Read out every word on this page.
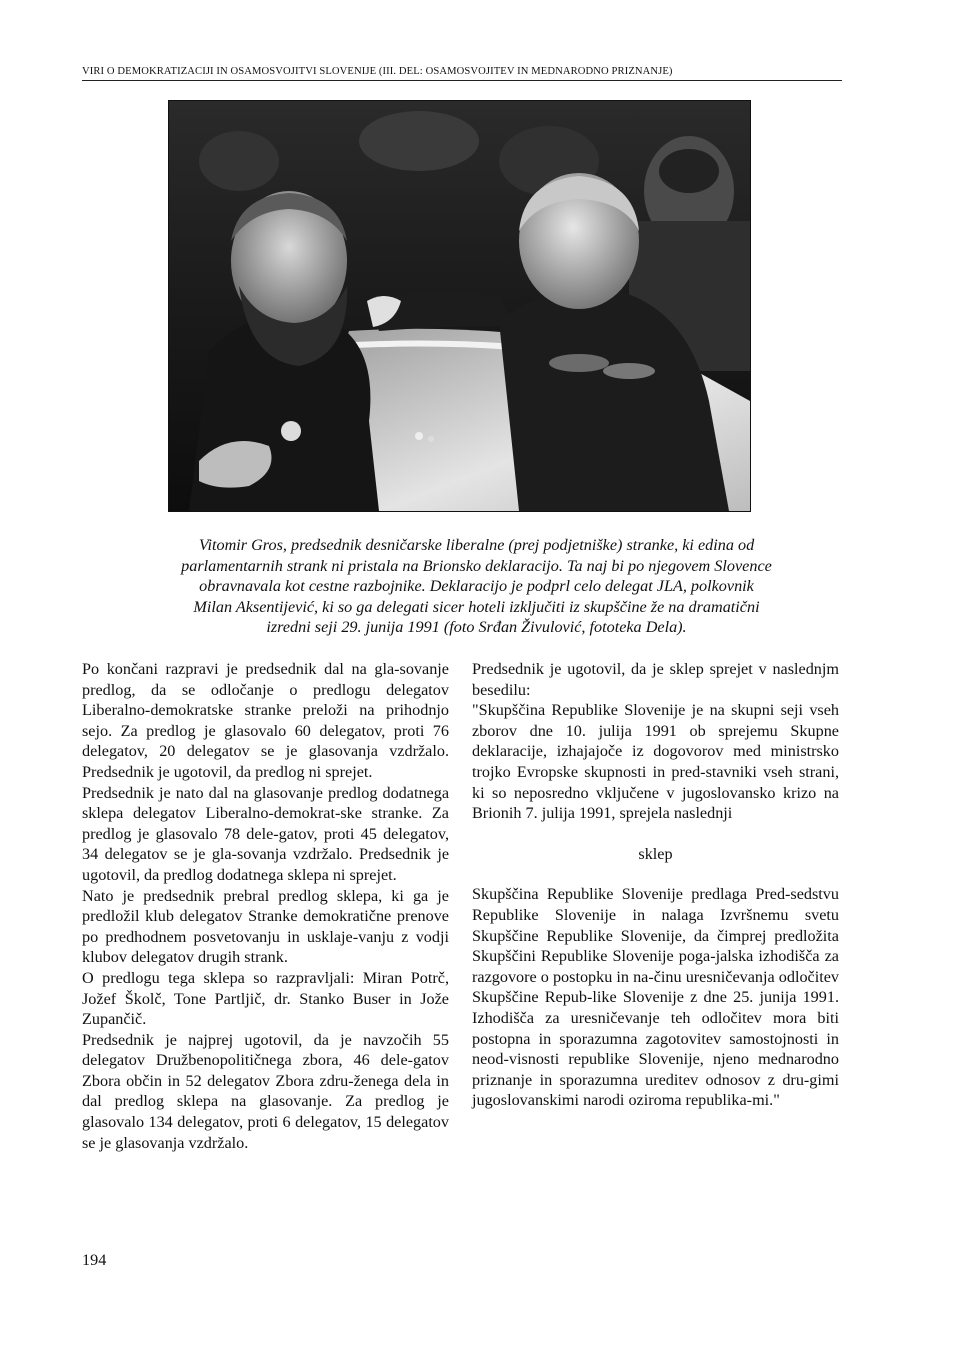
VIRI O DEMOKRATIZACIJI IN OSAMOSVOJITVI SLOVENIJE (III. DEL: OSAMOSVOJITEV IN MEDNARODNO PRIZNANJE)

Vitomir Gros, predsednik desničarske liberalne (prej podjetniške) stranke, ki edina od

parlamentarnih strank ni pristala na Brionsko deklaracijo. Ta naj bi po njegovem Slovence

obravnavala kot cestne razbojnike. Deklaracijo je podprl celo delegat JLA, polkovnik

Milan Aksentijević, ki so ga delegati sicer hoteli izključiti iz skupščine že na dramatični

izredni seji 29. junija 1991 (foto Srđan Živulović, fototeka Dela).

Po končani razpravi je predsednik dal na gla-sovanje predlog, da se odločanje o predlogu delegatov Liberalno-demokratske stranke preloži na prihodnjo sejo. Za predlog je glasovalo 60 delegatov, proti 76 delegatov, 20 delegatov se je glasovanja vzdržalo. Predsednik je ugotovil, da predlog ni sprejet.

Predsednik je nato dal na glasovanje predlog dodatnega sklepa delegatov Liberalno-demokrat-ske stranke. Za predlog je glasovalo 78 dele-gatov, proti 45 delegatov, 34 delegatov se je gla-sovanja vzdržalo. Predsednik je ugotovil, da predlog dodatnega sklepa ni sprejet.

Nato je predsednik prebral predlog sklepa, ki ga je predložil klub delegatov Stranke demokratične prenove po predhodnem posvetovanju in usklaje-vanju z vodji klubov delegatov drugih strank.

O predlogu tega sklepa so razpravljali: Miran Potrč, Jožef Školč, Tone Partljič, dr. Stanko Buser in Jože Zupančič.

Predsednik je najprej ugotovil, da je navzočih 55 delegatov Družbenopolitičnega zbora, 46 dele-gatov Zbora občin in 52 delegatov Zbora zdru-ženega dela in dal predlog sklepa na glasovanje. Za predlog je glasovalo 134 delegatov, proti 6 delegatov, 15 delegatov se je glasovanja vzdržalo.

Predsednik je ugotovil, da je sklep sprejet v naslednjm besedilu:

"Skupščina Republike Slovenije je na skupni seji vseh zborov dne 10. julija 1991 ob sprejemu Skupne deklaracije, izhajajoče iz dogovorov med ministrsko trojko Evropske skupnosti in pred-stavniki vseh strani, ki so neposredno vključene v jugoslovansko krizo na Brionih 7. julija 1991, sprejela naslednji

sklep

Skupščina Republike Slovenije predlaga Pred-sedstvu Republike Slovenije in nalaga Izvršnemu svetu Skupščine Republike Slovenije, da čimprej predložita Skupščini Republike Slovenije poga-jalska izhodišča za razgovore o postopku in na-činu uresničevanja odločitev Skupščine Repub-like Slovenije z dne 25. junija 1991. Izhodišča za uresničevanje teh odločitev mora biti postopna in sporazumna zagotovitev samostojnosti in neod-visnosti republike Slovenije, njeno mednarodno priznanje in sporazumna ureditev odnosov z dru-gimi jugoslovanskimi narodi oziroma republika-mi."

194
